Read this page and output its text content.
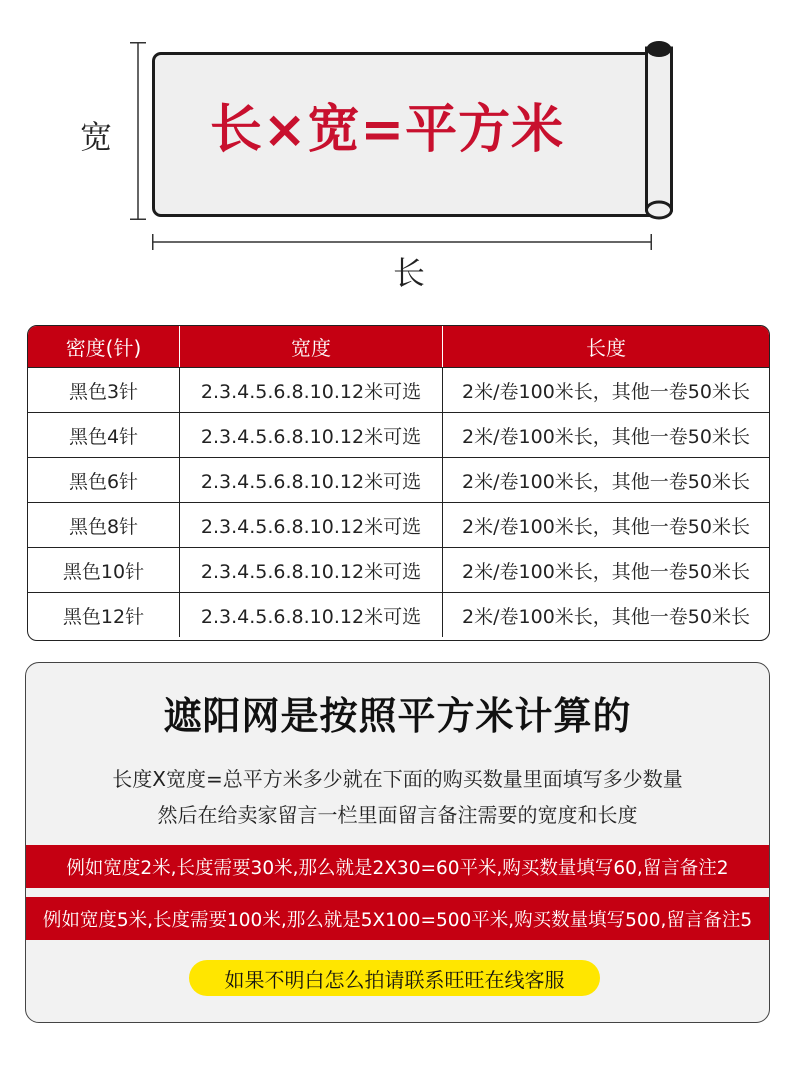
长×宽=平方米
宽
长
密度(针)	宽度	长度
黑色3针	2.3.4.5.6.8.10.12米可选	2米/卷100米长，其他一卷50米长
黑色4针	2.3.4.5.6.8.10.12米可选	2米/卷100米长，其他一卷50米长
黑色6针	2.3.4.5.6.8.10.12米可选	2米/卷100米长，其他一卷50米长
黑色8针	2.3.4.5.6.8.10.12米可选	2米/卷100米长，其他一卷50米长
黑色10针	2.3.4.5.6.8.10.12米可选	2米/卷100米长，其他一卷50米长
黑色12针	2.3.4.5.6.8.10.12米可选	2米/卷100米长，其他一卷50米长
遮阳网是按照平方米计算的
长度X宽度=总平方米多少就在下面的购买数量里面填写多少数量
然后在给卖家留言一栏里面留言备注需要的宽度和长度
例如宽度2米,长度需要30米,那么就是2X30=60平米,购买数量填写60,留言备注2
例如宽度5米,长度需要100米,那么就是5X100=500平米,购买数量填写500,留言备注5
如果不明白怎么拍请联系旺旺在线客服
